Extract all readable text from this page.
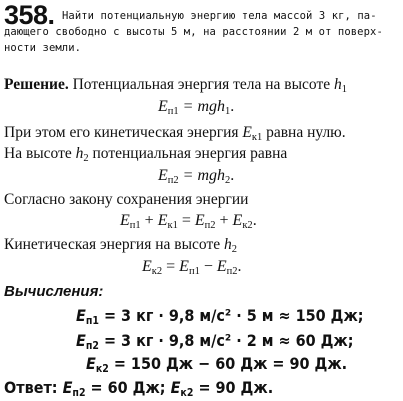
358. Найти потенциальную энергию тела массой 3 кг, па-
дающего свободно с высоты 5 м, на расстоянии 2 м от поверх-
ности земли.
Решение. Потенциальная энергия тела на высоте $h_1$
$E_{п1} = mgh_1$.
При этом его кинетическая энергия $E_{к1}$ равна нулю.
На высоте $h_2$ потенциальная энергия равна
$E_{п2} = mgh_2$.
Согласно закону сохранения энергии
$E_{п1} + E_{к1} = E_{п2} + E_{к2}$.
Кинетическая энергия на высоте $h_2$
$E_{к2} = E_{п1} - E_{п2}$.
Вычисления:
$E_{п1} = 3$ кг · 9,8 м/с² · 5 м ≈ 150 Дж;
$E_{п2} = 3$ кг · 9,8 м/с² · 2 м ≈ 60 Дж;
$E_{к2} = 150$ Дж − 60 Дж = 90 Дж.
Ответ: $E_{п2} = 60$ Дж; $E_{к2} = 90$ Дж.
